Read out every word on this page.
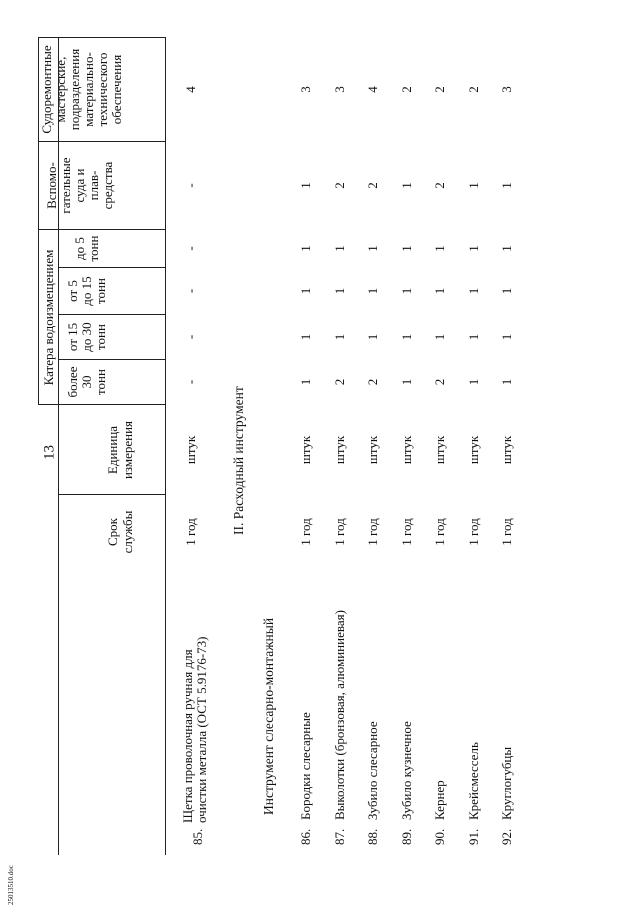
13
25013510.doc
Срок службы
Единица измерения
Катера водоизмещением более 30 тонн
от 15 до 30 тонн
от 5 до 15 тонн
до 5 тонн
Вспомо- гательные суда и плав- средства
Судоремонтные мастерские, подразделения материально- технического обеспечения
85.
Щетка проволочная ручная для очистки металла (ОСТ 5.9176-73)
1 год
штук
-
-
-
-
-
4
II. Расходный инструмент
Инструмент слесарно-монтажный
86.
Бородки слесарные
1 год
штук
1
1
1
1
1
3
87.
Выколотки (бронзовая, алюминиевая)
1 год
штук
2
1
1
1
2
3
88.
Зубило слесарное
1 год
штук
2
1
1
1
2
4
89.
Зубило кузнечное
1 год
штук
1
1
1
1
1
2
90.
Кернер
1 год
штук
2
1
1
1
2
2
91.
Крейсмессель
1 год
штук
1
1
1
1
1
2
92.
Круглогубцы
1 год
штук
1
1
1
1
1
3
